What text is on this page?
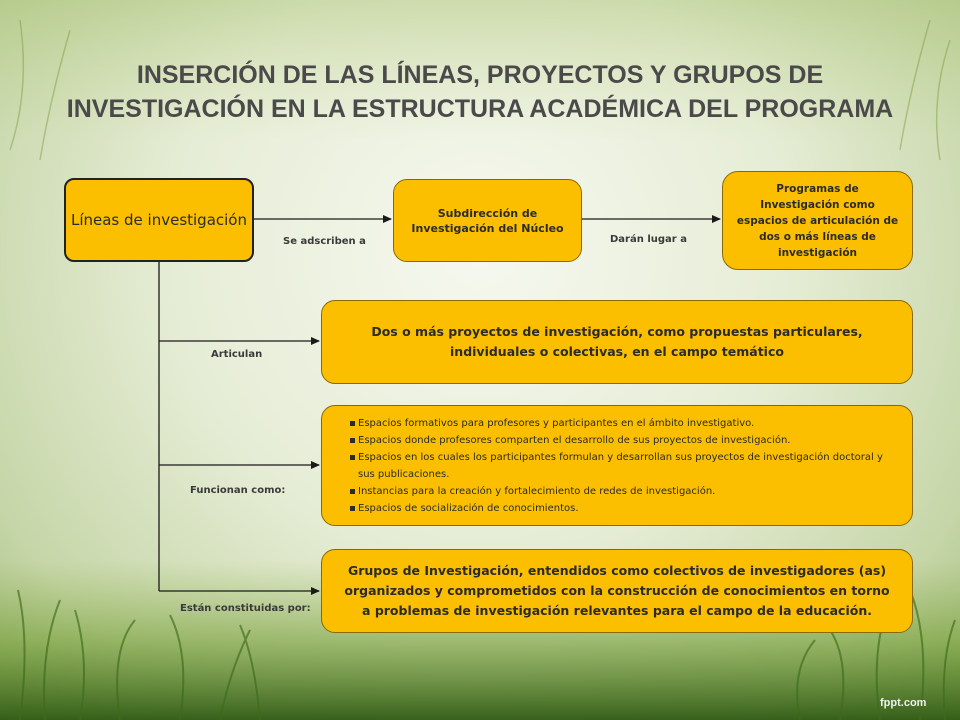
INSERCIÓN DE LAS LÍNEAS, PROYECTOS Y GRUPOS DE
INVESTIGACIÓN EN LA ESTRUCTURA ACADÉMICA DEL PROGRAMA
Líneas de investigación	Subdirección de Investigación del Núcleo
Programas de Investigación como espacios de articulación de dos o más líneas de investigación
Dos o más proyectos de investigación, como propuestas particulares, individuales o colectivas, en el campo temático
Espacios formativos para profesores y participantes en el ámbito investigativo.
Espacios donde profesores comparten el desarrollo de sus proyectos de investigación.
Espacios en los cuales los participantes formulan y desarrollan sus proyectos de investigación doctoral y sus publicaciones.
Instancias para la creación y fortalecimiento de redes de investigación.
Espacios de socialización de conocimientos.
Grupos de Investigación, entendidos como colectivos de investigadores (as) organizados y comprometidos con la construcción de conocimientos en torno a problemas de investigación relevantes para el campo de la educación.
Se adscriben a	Darán lugar a
Articulan
Funcionan como:
Están constituidas por:
fppt.com
